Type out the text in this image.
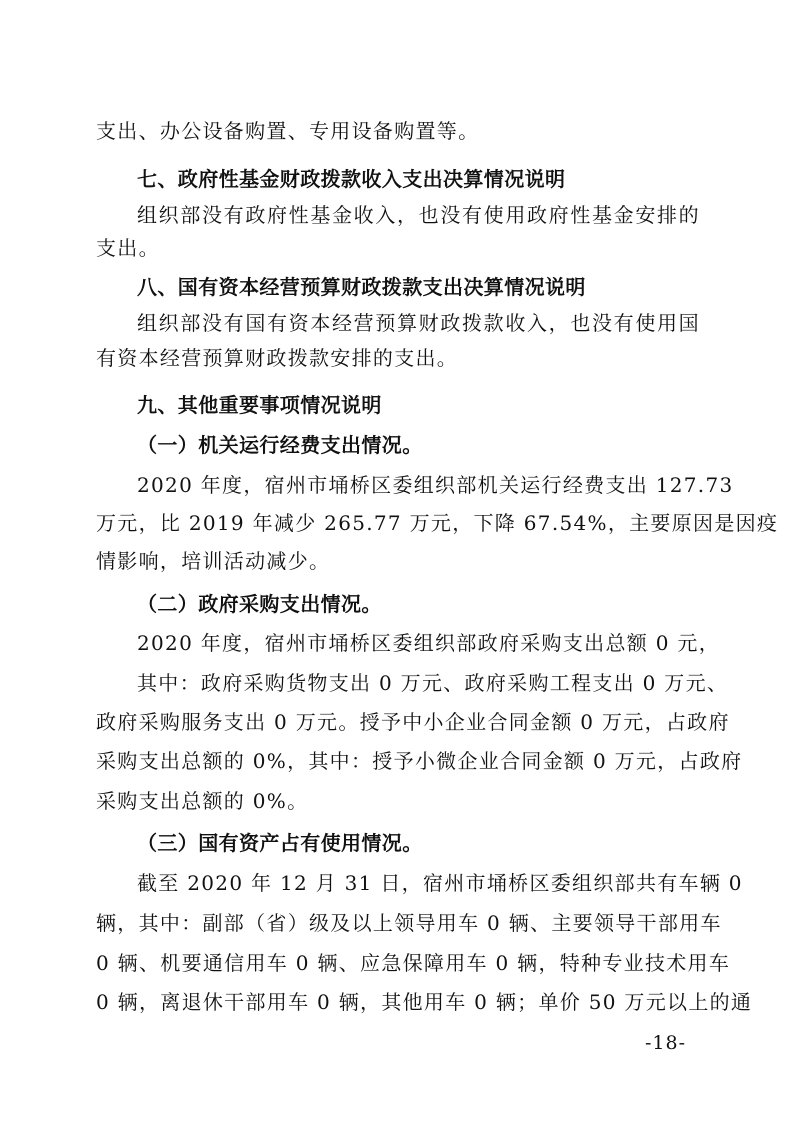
支出、办公设备购置、专用设备购置等。
七、政府性基金财政拨款收入支出决算情况说明
组织部没有政府性基金收入，也没有使用政府性基金安排的
支出。
八、国有资本经营预算财政拨款支出决算情况说明
组织部没有国有资本经营预算财政拨款收入，也没有使用国
有资本经营预算财政拨款安排的支出。
九、其他重要事项情况说明
（一）机关运行经费支出情况。
2020 年度，宿州市埇桥区委组织部机关运行经费支出 127.73
万元，比 2019 年减少 265.77 万元，下降 67.54%，主要原因是因疫
情影响，培训活动减少。
（二）政府采购支出情况。
2020 年度，宿州市埇桥区委组织部政府采购支出总额 0 元，
其中：政府采购货物支出 0 万元、政府采购工程支出 0 万元、
政府采购服务支出 0 万元。授予中小企业合同金额 0 万元，占政府
采购支出总额的 0%，其中：授予小微企业合同金额 0 万元，占政府
采购支出总额的 0%。
（三）国有资产占有使用情况。
截至 2020 年 12 月 31 日，宿州市埇桥区委组织部共有车辆 0
辆，其中：副部（省）级及以上领导用车 0 辆、主要领导干部用车
0 辆、机要通信用车 0 辆、应急保障用车 0 辆，特种专业技术用车
0 辆，离退休干部用车 0 辆，其他用车 0 辆；单价 50 万元以上的通
-18-
